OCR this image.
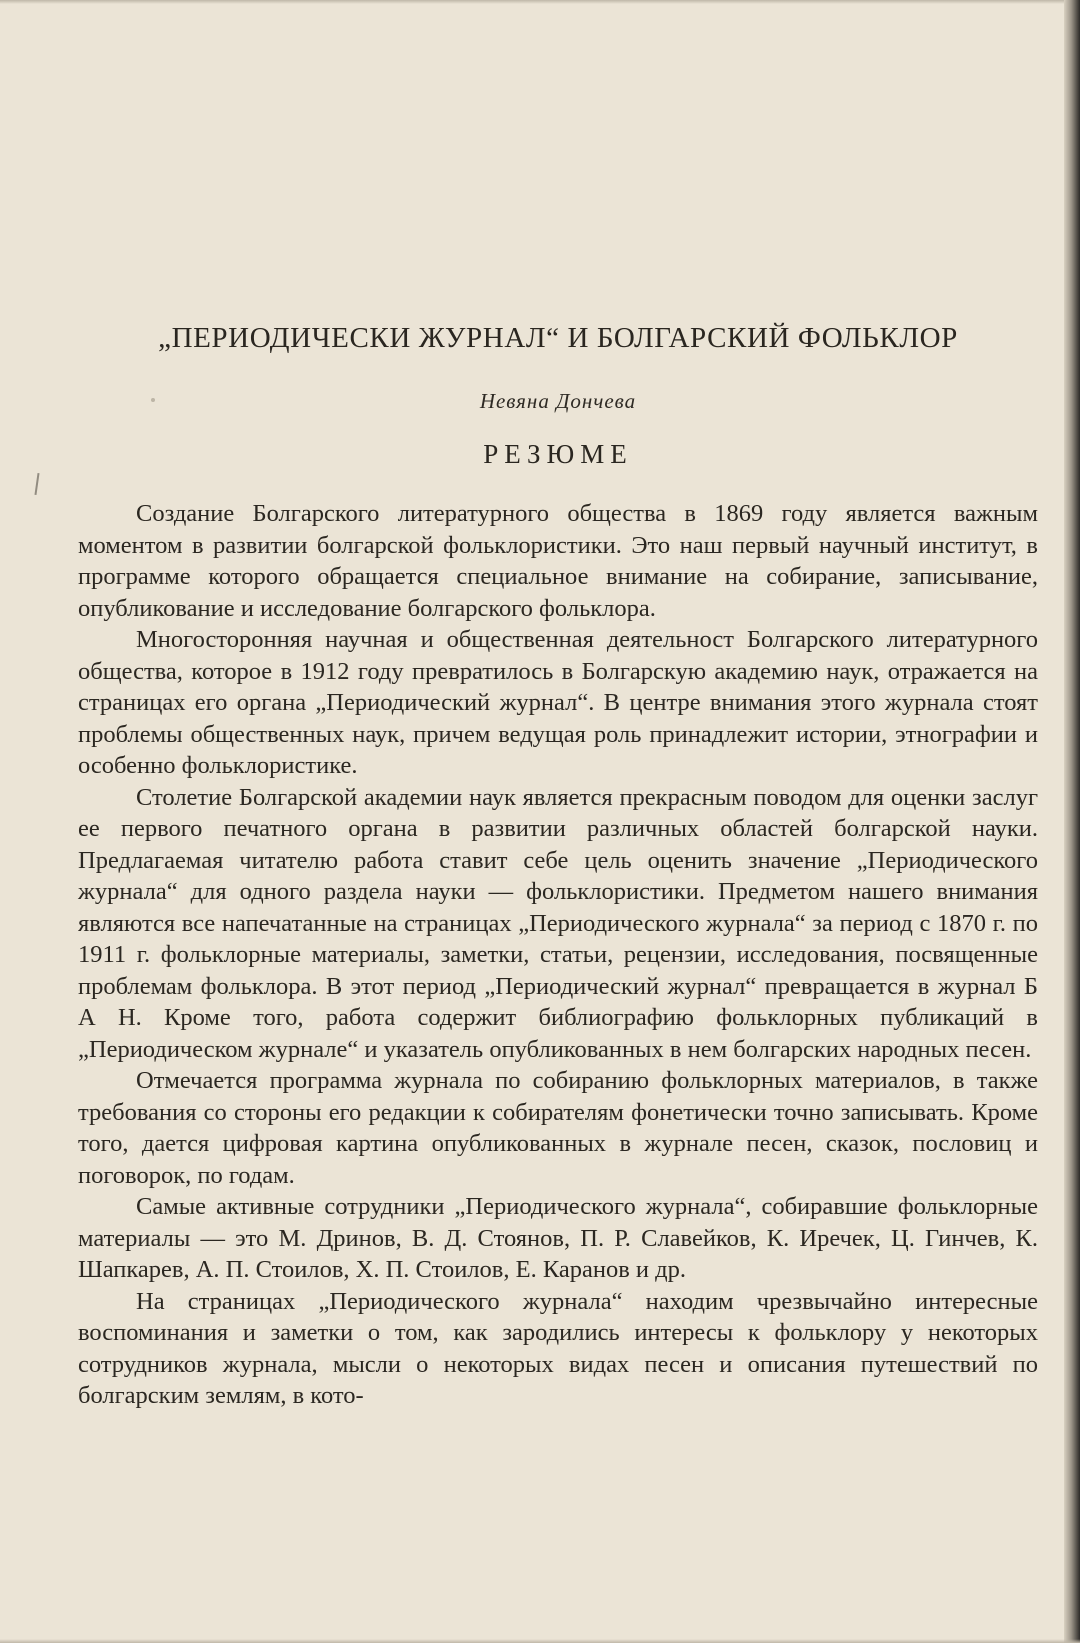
„ПЕРИОДИЧЕСКИ ЖУРНАЛ“ И БОЛГАРСКИЙ ФОЛЬКЛОР
Невяна Дончева
РЕЗЮМЕ

Создание Болгарского литературного общества в 1869 году является важным моментом в развитии болгарской фольклористики. Это наш первый научный институт, в программе которого обращается специальное внимание на собирание, записывание, опубликование и исследование болгарского фольклора.

Многосторонняя научная и общественная деятельност Болгарского литературного общества, которое в 1912 году превратилось в Болгарскую академию наук, отражается на страницах его органа „Периодический журнал“. В центре внимания этого журнала стоят проблемы общественных наук, причем ведущая роль принадлежит истории, этнографии и особенно фольклористике.

Столетие Болгарской академии наук является прекрасным поводом для оценки заслуг ее первого печатного органа в развитии различных областей болгарской науки. Предлагаемая читателю работа ставит себе цель оценить значение „Периодического журнала“ для одного раздела науки — фольклористики. Предметом нашего внимания являются все напечатанные на страницах „Периодического журнала“ за период с 1870 г. по 1911 г. фольклорные материалы, заметки, статьи, рецензии, исследования, посвященные проблемам фольклора. В этот период „Периодический журнал“ превращается в журнал Б А Н. Кроме того, работа содержит библиографию фольклорных публикаций в „Периодическом журнале“ и указатель опубликованных в нем болгарских народных песен.

Отмечается программа журнала по собиранию фольклорных материалов, в также требования со стороны его редакции к собирателям фонетически точно записывать. Кроме того, дается цифровая картина опубликованных в журнале песен, сказок, пословиц и поговорок, по годам.

Самые активные сотрудники „Периодического журнала“, собиравшие фольклорные материалы — это М. Дринов, В. Д. Стоянов, П. Р. Славейков, К. Иречек, Ц. Гинчев, К. Шапкарев, А. П. Стоилов, Х. П. Стоилов, Е. Каранов и др.

На страницах „Периодического журнала“ находим чрезвычайно интересные воспоминания и заметки о том, как зародились интересы к фольклору у некоторых сотрудников журнала, мысли о некоторых видах песен и описания путешествий по болгарским землям, в кото-
